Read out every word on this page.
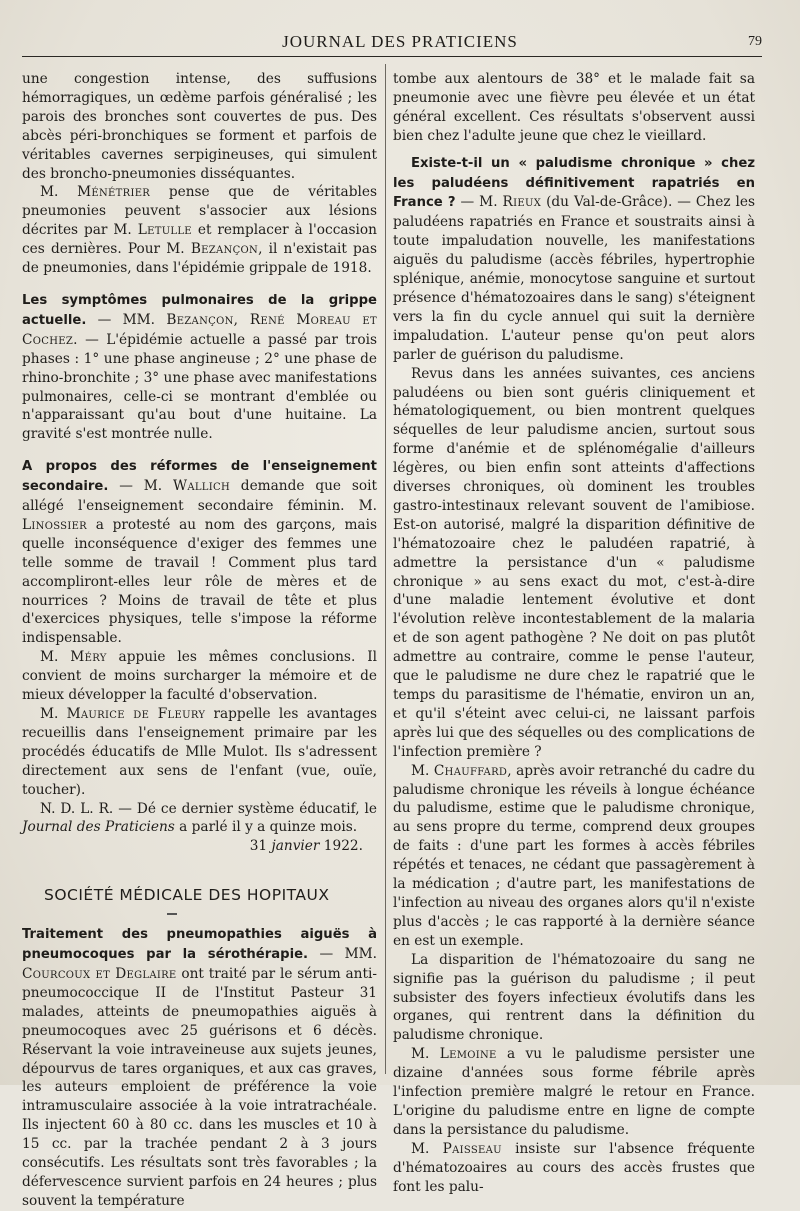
JOURNAL DES PRATICIENS	79

une congestion intense, des suffusions hémorragiques, un œdème parfois généralisé ; les parois des bronches sont couvertes de pus. Des abcès péri-bronchiques se forment et parfois de véritables cavernes serpigineuses, qui simulent des broncho-pneumonies disséquantes.

M. Ménétrier pense que de véritables pneumonies peuvent s'associer aux lésions décrites par M. Letulle et remplacer à l'occasion ces dernières. Pour M. Bezançon, il n'existait pas de pneumonies, dans l'épidémie grippale de 1918.

Les symptômes pulmonaires de la grippe actuelle. — MM. Bezançon, René Moreau et Cochez. — L'épidémie actuelle a passé par trois phases : 1° une phase angineuse ; 2° une phase de rhino-bronchite ; 3° une phase avec manifestations pulmonaires, celle-ci se montrant d'emblée ou n'apparaissant qu'au bout d'une huitaine. La gravité s'est montrée nulle.

A propos des réformes de l'enseignement secondaire. — M. Wallich demande que soit allégé l'enseignement secondaire féminin. M. Linossier a protesté au nom des garçons, mais quelle inconséquence d'exiger des femmes une telle somme de travail ! Comment plus tard accompliront-elles leur rôle de mères et de nourrices ? Moins de travail de tête et plus d'exercices physiques, telle s'impose la réforme indispensable.

M. Méry appuie les mêmes conclusions. Il convient de moins surcharger la mémoire et de mieux développer la faculté d'observation.

M. Maurice de Fleury rappelle les avantages recueillis dans l'enseignement primaire par les procédés éducatifs de Mlle Mulot. Ils s'adressent directement aux sens de l'enfant (vue, ouïe, toucher).

N. D. L. R. — Dé ce dernier système éducatif, le Journal des Praticiens a parlé il y a quinze mois.

31 janvier 1922.

SOCIÉTÉ MÉDICALE DES HOPITAUX

Traitement des pneumopathies aiguës à pneumocoques par la sérothérapie. — MM. Courcoux et Deglaire ont traité par le sérum anti-pneumococcique II de l'Institut Pasteur 31 malades, atteints de pneumopathies aiguës à pneumocoques avec 25 guérisons et 6 décès. Réservant la voie intraveineuse aux sujets jeunes, dépourvus de tares organiques, et aux cas graves, les auteurs emploient de préférence la voie intramusculaire associée à la voie intratrachéale. Ils injectent 60 à 80 cc. dans les muscles et 10 à 15 cc. par la trachée pendant 2 à 3 jours consécutifs. Les résultats sont très favorables ; la défervescence survient parfois en 24 heures ; plus souvent la température

tombe aux alentours de 38° et le malade fait sa pneumonie avec une fièvre peu élevée et un état général excellent. Ces résultats s'observent aussi bien chez l'adulte jeune que chez le vieillard.

Existe-t-il un « paludisme chronique » chez les paludéens définitivement rapatriés en France ? — M. Rieux (du Val-de-Grâce). — Chez les paludéens rapatriés en France et soustraits ainsi à toute impaludation nouvelle, les manifestations aiguës du paludisme (accès fébriles, hypertrophie splénique, anémie, monocytose sanguine et surtout présence d'hématozoaires dans le sang) s'éteignent vers la fin du cycle annuel qui suit la dernière impaludation. L'auteur pense qu'on peut alors parler de guérison du paludisme.

Revus dans les années suivantes, ces anciens paludéens ou bien sont guéris cliniquement et hématologiquement, ou bien montrent quelques séquelles de leur paludisme ancien, surtout sous forme d'anémie et de splénomégalie d'ailleurs légères, ou bien enfin sont atteints d'affections diverses chroniques, où dominent les troubles gastro-intestinaux relevant souvent de l'amibiose. Est-on autorisé, malgré la disparition définitive de l'hématozoaire chez le paludéen rapatrié, à admettre la persistance d'un « paludisme chronique » au sens exact du mot, c'est-à-dire d'une maladie lentement évolutive et dont l'évolution relève incontestablement de la malaria et de son agent pathogène ? Ne doit on pas plutôt admettre au contraire, comme le pense l'auteur, que le paludisme ne dure chez le rapatrié que le temps du parasitisme de l'hématie, environ un an, et qu'il s'éteint avec celui-ci, ne laissant parfois après lui que des séquelles ou des complications de l'infection première ?

M. Chauffard, après avoir retranché du cadre du paludisme chronique les réveils à longue échéance du paludisme, estime que le paludisme chronique, au sens propre du terme, comprend deux groupes de faits : d'une part les formes à accès fébriles répétés et tenaces, ne cédant que passagèrement à la médication ; d'autre part, les manifestations de l'infection au niveau des organes alors qu'il n'existe plus d'accès ; le cas rapporté à la dernière séance en est un exemple.

La disparition de l'hématozoaire du sang ne signifie pas la guérison du paludisme ; il peut subsister des foyers infectieux évolutifs dans les organes, qui rentrent dans la définition du paludisme chronique.

M. Lemoine a vu le paludisme persister une dizaine d'années sous forme fébrile après l'infection première malgré le retour en France. L'origine du paludisme entre en ligne de compte dans la persistance du paludisme.

M. Paisseau insiste sur l'absence fréquente d'hématozoaires au cours des accès frustes que font les palu-
